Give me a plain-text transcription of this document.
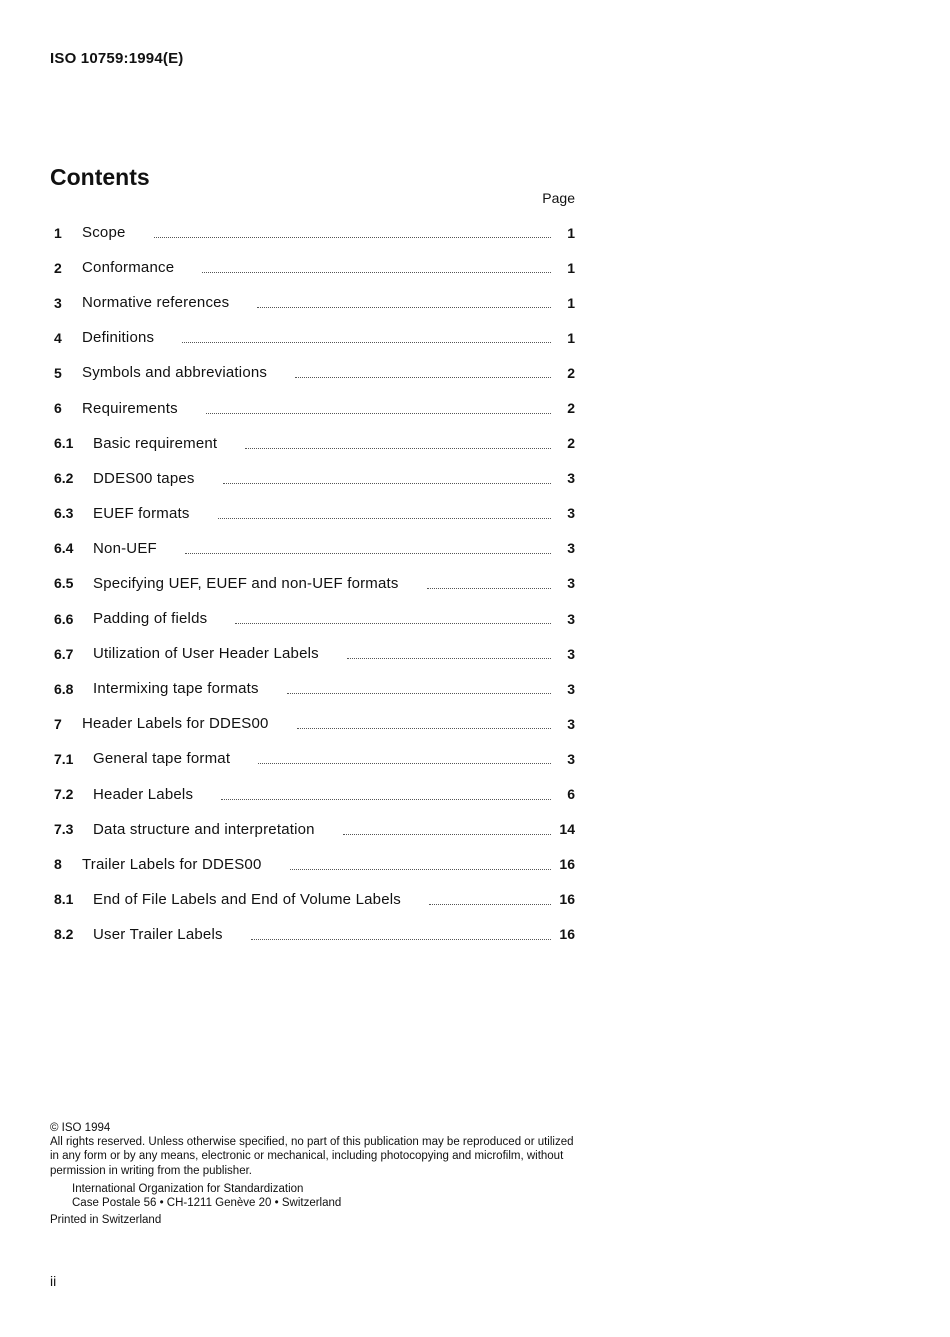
ISO 10759:1994(E)
Contents
Page
1	Scope	1
2	Conformance	1
3	Normative references	1
4	Definitions	1
5	Symbols and abbreviations	2
6	Requirements	2
6.1	Basic requirement	2
6.2	DDES00 tapes	3
6.3	EUEF formats	3
6.4	Non-UEF	3
6.5	Specifying UEF, EUEF and non-UEF formats	3
6.6	Padding of fields	3
6.7	Utilization of User Header Labels	3
6.8	Intermixing tape formats	3
7	Header Labels for DDES00	3
7.1	General tape format	3
7.2	Header Labels	6
7.3	Data structure and interpretation	14
8	Trailer Labels for DDES00	16
8.1	End of File Labels and End of Volume Labels	16
8.2	User Trailer Labels	16
© ISO 1994
All rights reserved. Unless otherwise specified, no part of this publication may be reproduced or utilized in any form or by any means, electronic or mechanical, including photocopying and microfilm, without permission in writing from the publisher.
International Organization for Standardization
Case Postale 56 • CH-1211 Genève 20 • Switzerland
Printed in Switzerland
ii
